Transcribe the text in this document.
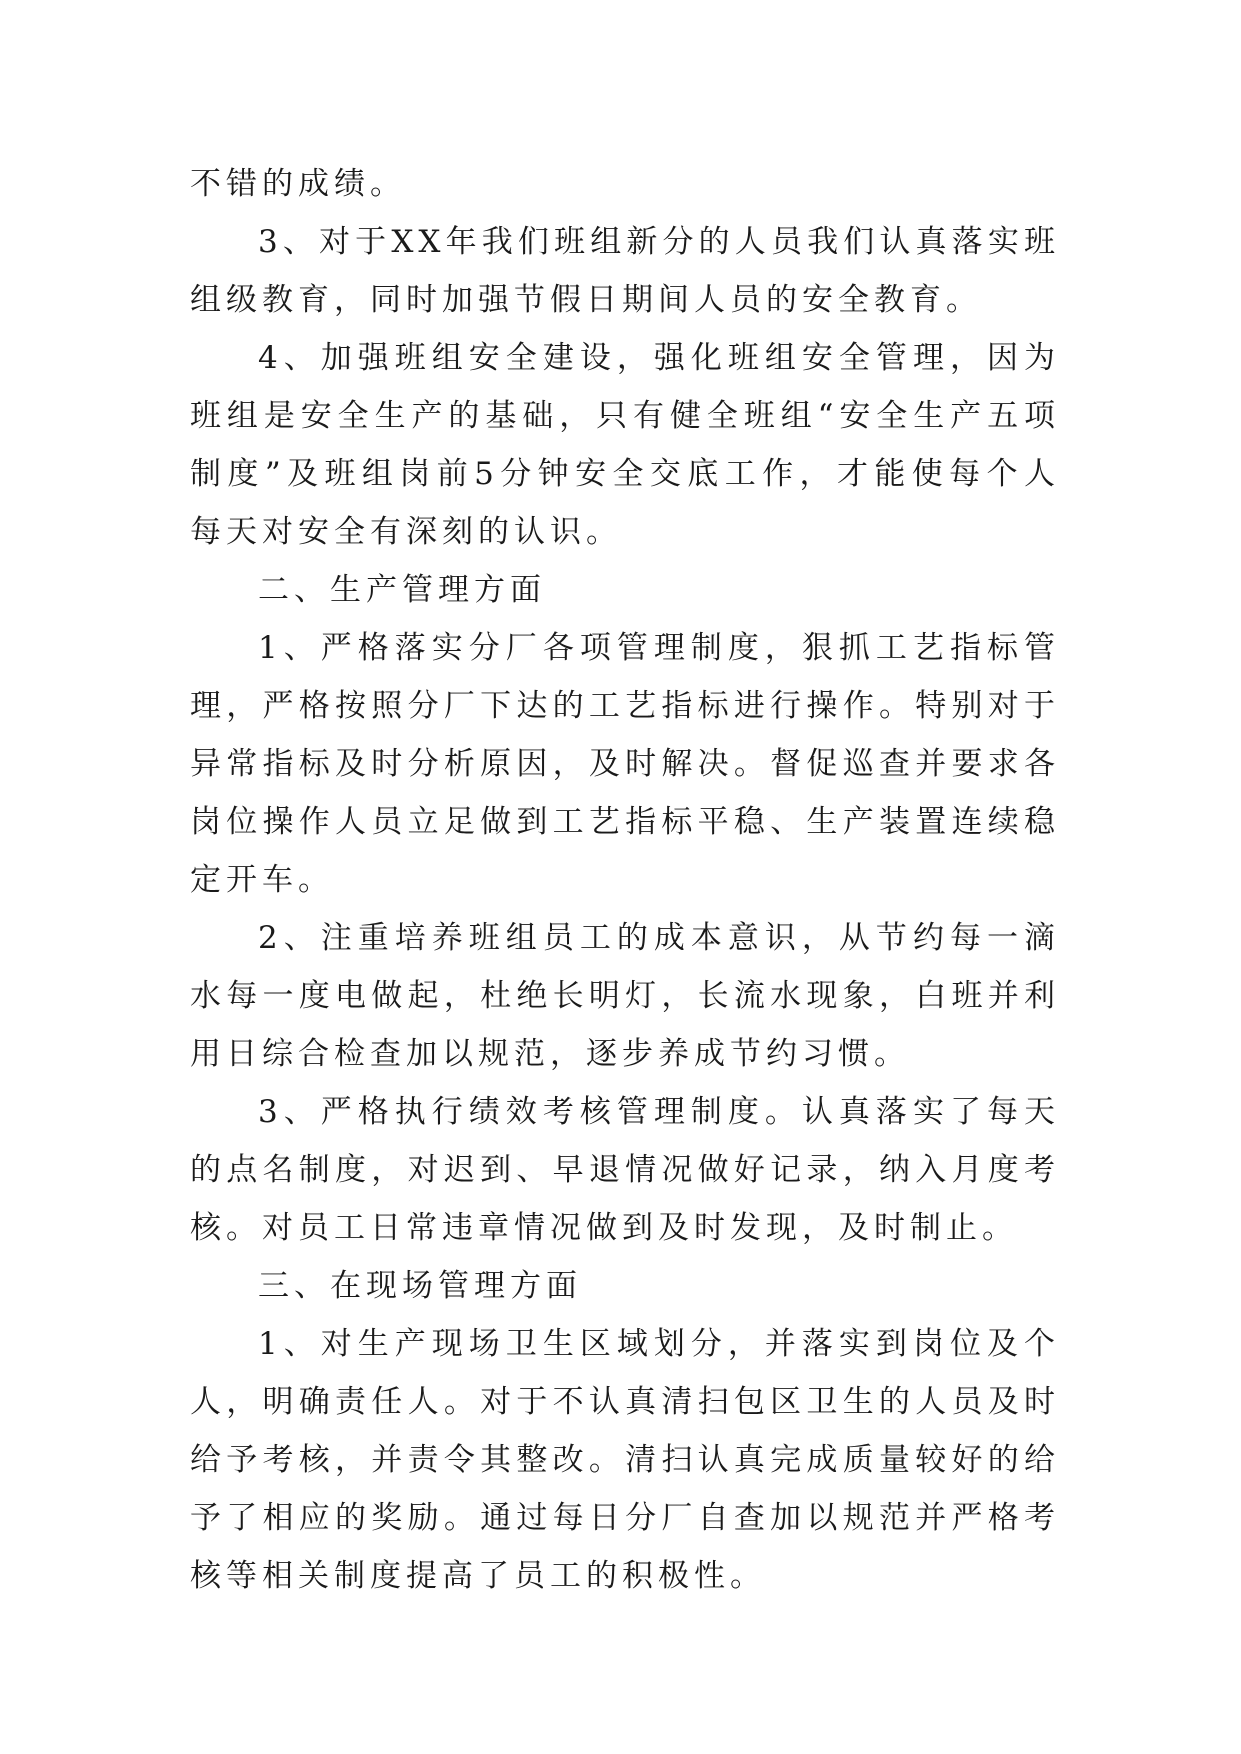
不错的成绩。

3、对于XX年我们班组新分的人员我们认真落实班组级教育，同时加强节假日期间人员的安全教育。

4、加强班组安全建设，强化班组安全管理，因为班组是安全生产的基础，只有健全班组“安全生产五项制度”及班组岗前5分钟安全交底工作，才能使每个人每天对安全有深刻的认识。

二、生产管理方面

1、严格落实分厂各项管理制度，狠抓工艺指标管理，严格按照分厂下达的工艺指标进行操作。特别对于异常指标及时分析原因，及时解决。督促巡查并要求各岗位操作人员立足做到工艺指标平稳、生产装置连续稳定开车。

2、注重培养班组员工的成本意识，从节约每一滴水每一度电做起，杜绝长明灯，长流水现象，白班并利用日综合检查加以规范，逐步养成节约习惯。

3、严格执行绩效考核管理制度。认真落实了每天的点名制度，对迟到、早退情况做好记录，纳入月度考核。对员工日常违章情况做到及时发现，及时制止。

三、在现场管理方面

1、对生产现场卫生区域划分，并落实到岗位及个人，明确责任人。对于不认真清扫包区卫生的人员及时给予考核，并责令其整改。清扫认真完成质量较好的给予了相应的奖励。通过每日分厂自查加以规范并严格考核等相关制度提高了员工的积极性。
